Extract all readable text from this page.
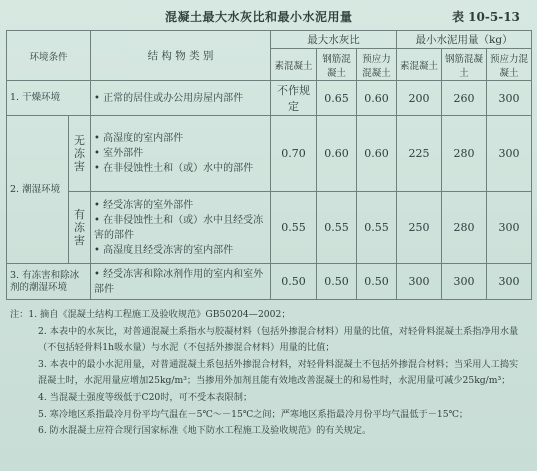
混凝土最大水灰比和最小水泥用量	表 10-5-13
环境条件		结 构 物 类 别	最大水灰比			最小水泥用量（kg）		
			素混凝土	钢筋混凝土	预应力混凝土	素混凝土	钢筋混凝土	预应力混凝土
1. 干燥环境		• 正常的居住或办公用房屋内部件	不作规定	0.65	0.60	200	260	300
2. 潮湿环境	无冻害	• 高湿度的室内部件
• 室外部件
• 在非侵蚀性土和（或）水中的部件	0.70	0.60	0.60	225	280	300
	有冻害	• 经受冻害的室外部件
• 在非侵蚀性土和（或）水中且经受冻害的部件
• 高湿度且经受冻害的室内部件	0.55	0.55	0.55	250	280	300
3. 有冻害和除冰剂的潮湿环境		• 经受冻害和除冰剂作用的室内和室外部件	0.50	0.50	0.50	300	300	300
注：1. 摘自《混凝土结构工程施工及验收规范》GB50204—2002；
2. 本表中的水灰比，对普通混凝土系指水与胶凝材料（包括外掺混合材料）用量的比值，对轻骨料混凝土系指净用水量（不包括轻骨料1h吸水量）与水泥（不包括外掺混合材料）用量的比值；
3. 本表中的最小水泥用量，对普通混凝土系包括外掺混合材料，对轻骨料混凝土不包括外掺混合材料；当采用人工捣实混凝土时，水泥用量应增加25kg/m³；当掺用外加剂且能有效地改善混凝土的和易性时，水泥用量可减少25kg/m³；
4. 当混凝土强度等级低于C20时，可不受本表限制；
5. 寒冷地区系指最冷月份平均气温在－5℃～－15℃之间；严寒地区系指最冷月份平均气温低于－15℃；
6. 防水混凝土应符合现行国家标准《地下防水工程施工及验收规范》的有关规定。
